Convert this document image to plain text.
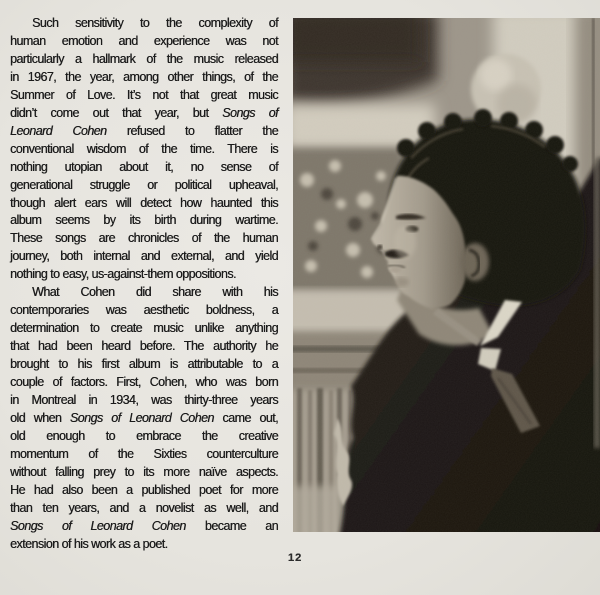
Such sensitivity to the complexity of
human emotion and experience was not
particularly a hallmark of the music released
in 1967, the year, among other things, of the
Summer of Love. It’s not that great music
didn’t come out that year, but Songs of
Leonard Cohen refused to flatter the
conventional wisdom of the time. There is
nothing utopian about it, no sense of
generational struggle or political upheaval,
though alert ears will detect how haunted this
album seems by its birth during wartime.
These songs are chronicles of the human
journey, both internal and external, and yield
nothing to easy, us-against-them oppositions.
What Cohen did share with his
contemporaries was aesthetic boldness, a
determination to create music unlike anything
that had been heard before. The authority he
brought to his first album is attributable to a
couple of factors. First, Cohen, who was born
in Montreal in 1934, was thirty-three years
old when Songs of Leonard Cohen came out,
old enough to embrace the creative
momentum of the Sixties counterculture
without falling prey to its more naïve aspects.
He had also been a published poet for more
than ten years, and a novelist as well, and
Songs of Leonard Cohen became an
extension of his work as a poet.
12
